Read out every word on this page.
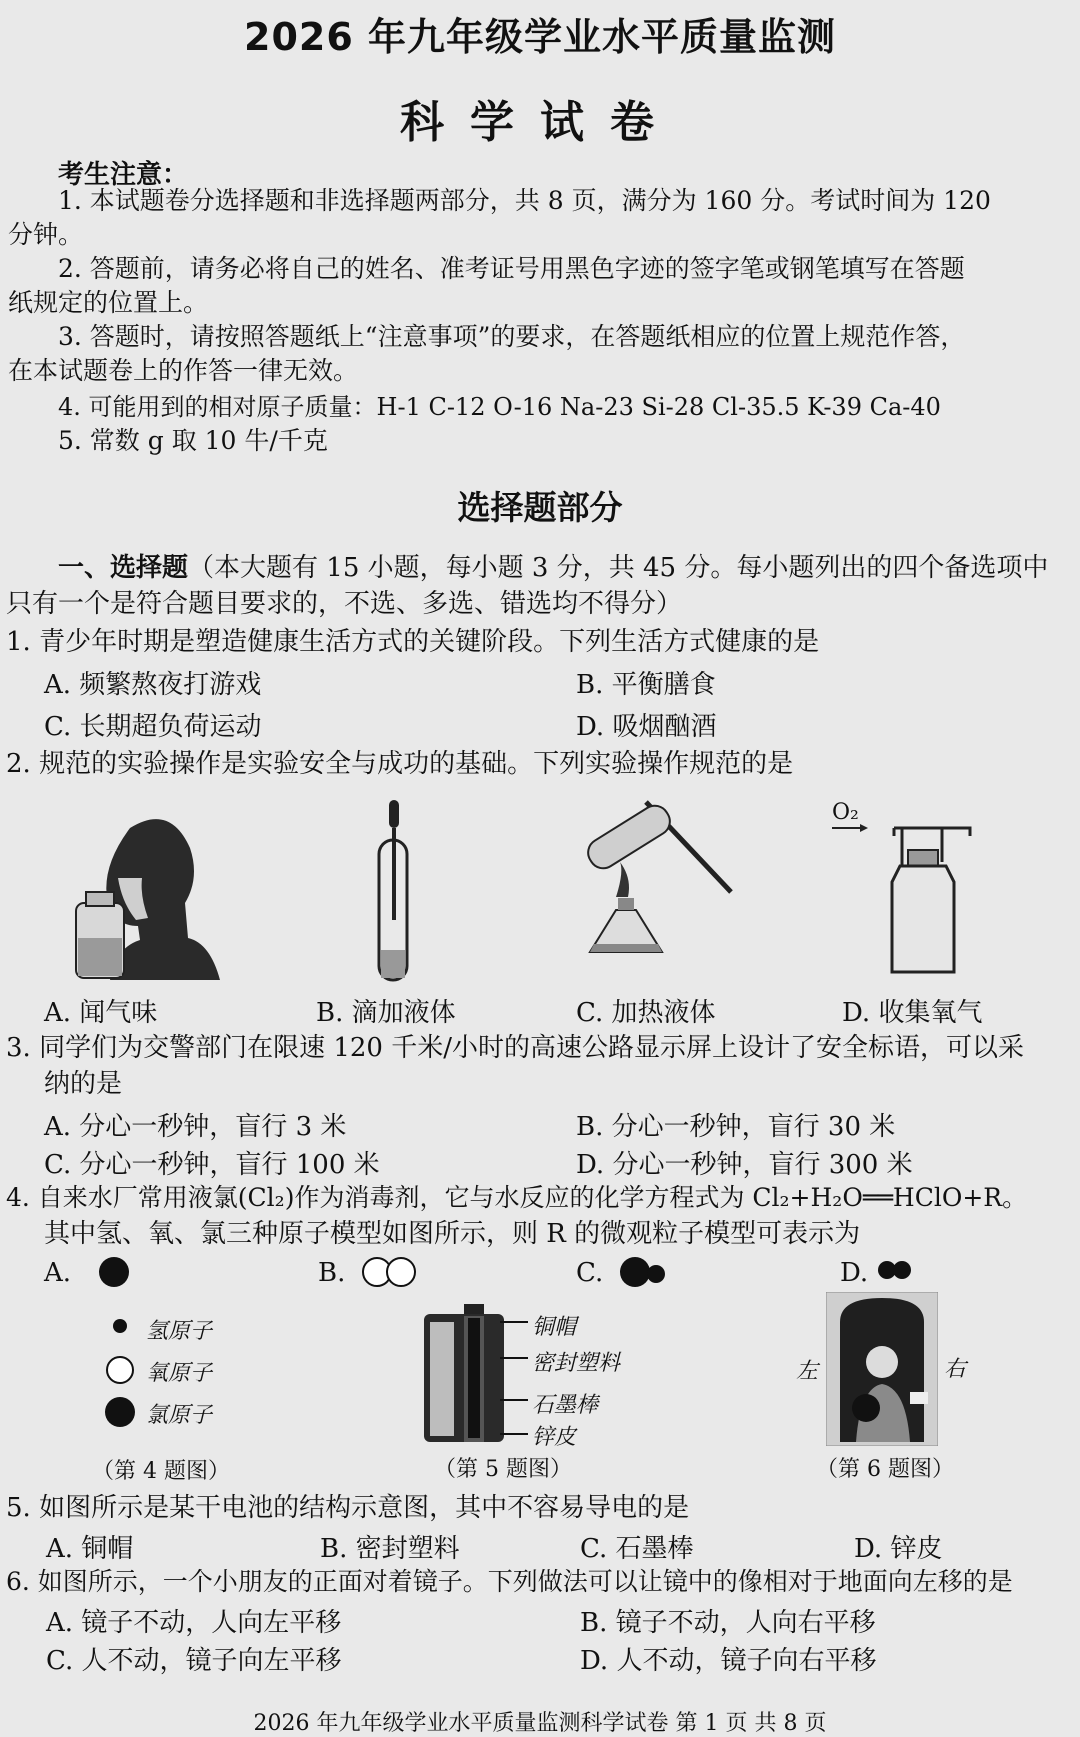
2026 年九年级学业水平质量监测
科学试卷
考生注意：
1. 本试题卷分选择题和非选择题两部分，共 8 页，满分为 160 分。考试时间为 120
分钟。
2. 答题前，请务必将自己的姓名、准考证号用黑色字迹的签字笔或钢笔填写在答题
纸规定的位置上。
3. 答题时，请按照答题纸上“注意事项”的要求，在答题纸相应的位置上规范作答，
在本试题卷上的作答一律无效。
4. 可能用到的相对原子质量：H-1 C-12 O-16 Na-23 Si-28 Cl-35.5 K-39 Ca-40
5. 常数 g 取 10 牛/千克
选择题部分
一、选择题（本大题有 15 小题，每小题 3 分，共 45 分。每小题列出的四个备选项中
只有一个是符合题目要求的，不选、多选、错选均不得分）
1. 青少年时期是塑造健康生活方式的关键阶段。下列生活方式健康的是
A. 频繁熬夜打游戏	B. 平衡膳食
C. 长期超负荷运动	D. 吸烟酗酒
2. 规范的实验操作是实验安全与成功的基础。下列实验操作规范的是
O₂
A. 闻气味	B. 滴加液体	C. 加热液体	D. 收集氧气
3. 同学们为交警部门在限速 120 千米/小时的高速公路显示屏上设计了安全标语，可以采
纳的是
A. 分心一秒钟，盲行 3 米	B. 分心一秒钟，盲行 30 米
C. 分心一秒钟，盲行 100 米	D. 分心一秒钟，盲行 300 米
4. 自来水厂常用液氯(Cl₂)作为消毒剂，它与水反应的化学方程式为 Cl₂+H₂O══HClO+R。
其中氢、氧、氯三种原子模型如图所示，则 R 的微观粒子模型可表示为
A.	B.	C.	D.
氢原子
氧原子
氯原子
（第 4 题图）
铜帽
密封塑料
石墨棒
锌皮
（第 5 题图）
左	右
（第 6 题图）
5. 如图所示是某干电池的结构示意图，其中不容易导电的是
A. 铜帽	B. 密封塑料	C. 石墨棒	D. 锌皮
6. 如图所示，一个小朋友的正面对着镜子。下列做法可以让镜中的像相对于地面向左移的是
A. 镜子不动，人向左平移	B. 镜子不动，人向右平移
C. 人不动，镜子向左平移	D. 人不动，镜子向右平移
2026 年九年级学业水平质量监测科学试卷 第 1 页 共 8 页
